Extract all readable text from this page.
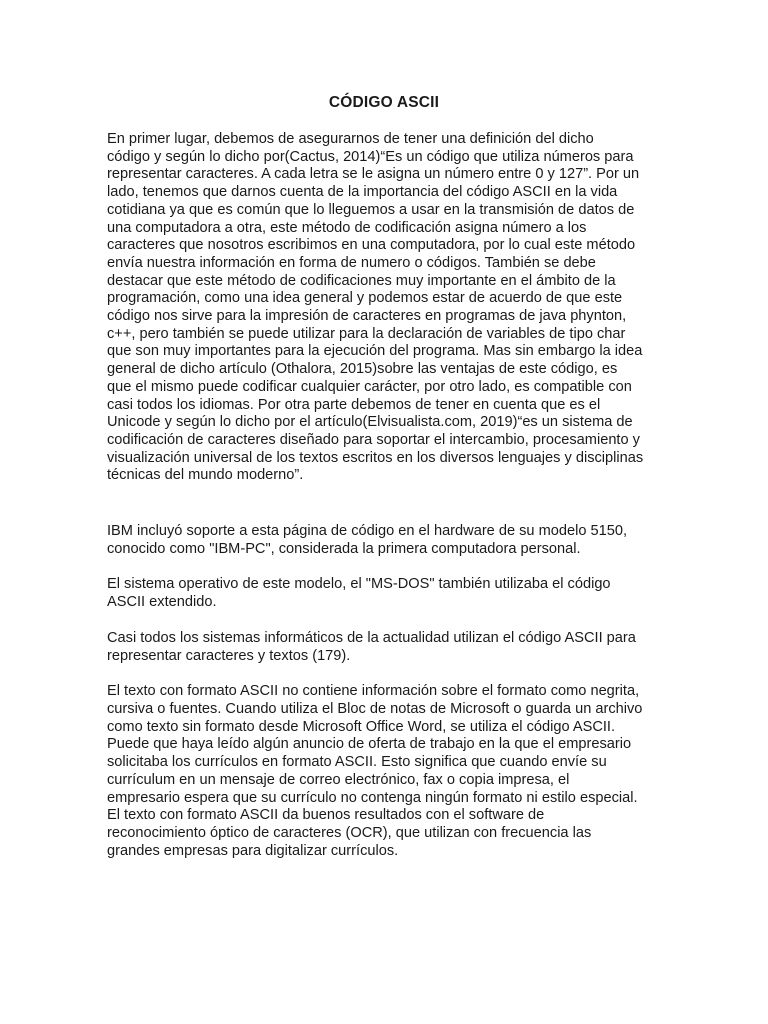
CÓDIGO ASCII

En primer lugar, debemos de asegurarnos de tener una definición del dicho
código y según lo dicho por(Cactus, 2014)“Es un código que utiliza números para
representar caracteres. A cada letra se le asigna un número entre 0 y 127”. Por un
lado, tenemos que darnos cuenta de la importancia del código ASCII en la vida
cotidiana ya que es común que lo lleguemos a usar en la transmisión de datos de
una computadora a otra, este método de codificación asigna número a los
caracteres que nosotros escribimos en una computadora, por lo cual este método
envía nuestra información en forma de numero o códigos. También se debe
destacar que este método de codificaciones muy importante en el ámbito de la
programación, como una idea general y podemos estar de acuerdo de que este
código nos sirve para la impresión de caracteres en programas de java phynton,
c++, pero también se puede utilizar para la declaración de variables de tipo char
que son muy importantes para la ejecución del programa. Mas sin embargo la idea
general de dicho artículo (Othalora, 2015)sobre las ventajas de este código, es
que el mismo puede codificar cualquier carácter, por otro lado, es compatible con
casi todos los idiomas. Por otra parte debemos de tener en cuenta que es el
Unicode y según lo dicho por el artículo(Elvisualista.com, 2019)“es un sistema de
codificación de caracteres diseñado para soportar el intercambio, procesamiento y
visualización universal de los textos escritos en los diversos lenguajes y disciplinas
técnicas del mundo moderno”.

IBM incluyó soporte a esta página de código en el hardware de su modelo 5150,
conocido como "IBM-PC", considerada la primera computadora personal.

El sistema operativo de este modelo, el "MS-DOS" también utilizaba el código
ASCII extendido.

Casi todos los sistemas informáticos de la actualidad utilizan el código ASCII para
representar caracteres y textos (179).

El texto con formato ASCII no contiene información sobre el formato como negrita,
cursiva o fuentes. Cuando utiliza el Bloc de notas de Microsoft o guarda un archivo
como texto sin formato desde Microsoft Office Word, se utiliza el código ASCII.
Puede que haya leído algún anuncio de oferta de trabajo en la que el empresario
solicitaba los currículos en formato ASCII. Esto significa que cuando envíe su
currículum en un mensaje de correo electrónico, fax o copia impresa, el
empresario espera que su currículo no contenga ningún formato ni estilo especial.
El texto con formato ASCII da buenos resultados con el software de
reconocimiento óptico de caracteres (OCR), que utilizan con frecuencia las
grandes empresas para digitalizar currículos.
